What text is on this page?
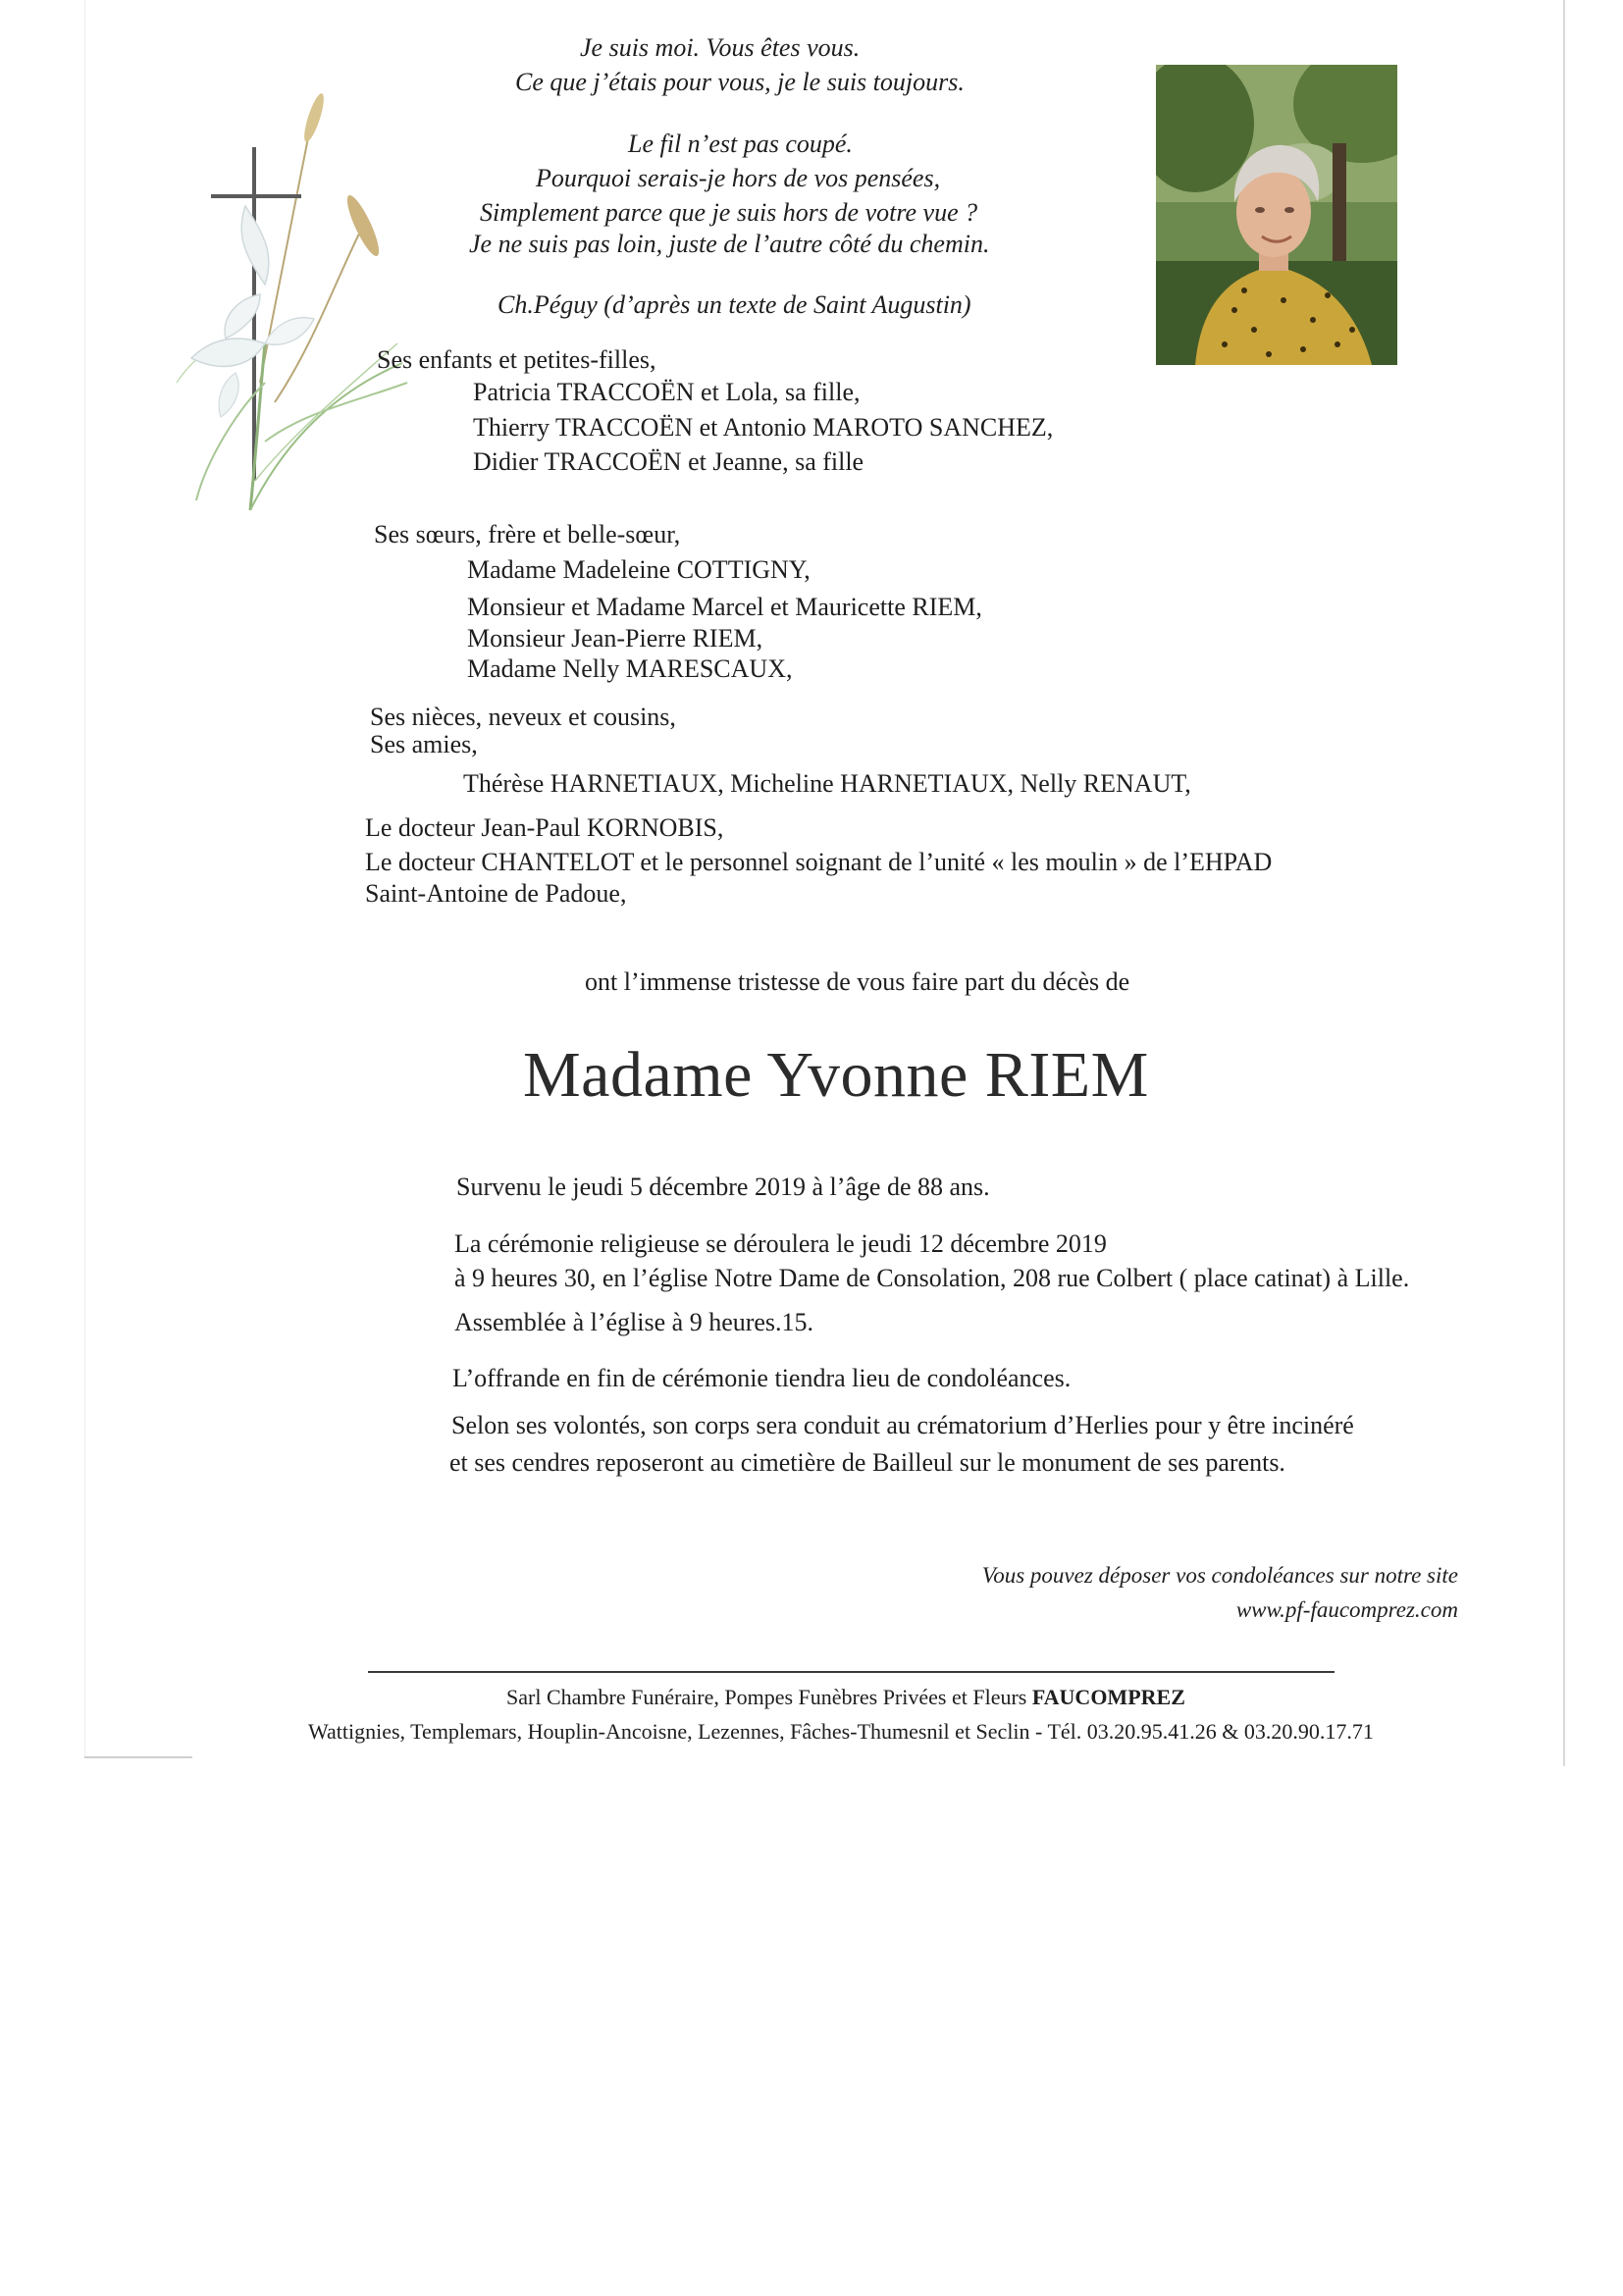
Je suis moi. Vous êtes vous.
Ce que j’étais pour vous, je le suis toujours.
Le fil n’est pas coupé.
Pourquoi serais-je hors de vos pensées,
Simplement parce que je suis hors de votre vue ?
Je ne suis pas loin, juste de l’autre côté du chemin.
Ch.Péguy (d’après un texte de Saint Augustin)
Ses enfants et petites-filles,
Patricia TRACCOËN et Lola, sa fille,
Thierry TRACCOËN et Antonio MAROTO SANCHEZ,
Didier TRACCOËN et Jeanne, sa fille
Ses sœurs, frère et belle-sœur,
Madame Madeleine COTTIGNY,
Monsieur et Madame Marcel et Mauricette RIEM,
Monsieur Jean-Pierre RIEM,
Madame Nelly MARESCAUX,
Ses nièces, neveux et cousins,
Ses amies,
Thérèse HARNETIAUX, Micheline HARNETIAUX, Nelly RENAUT,
Le docteur Jean-Paul KORNOBIS,
Le docteur CHANTELOT et le personnel soignant de l’unité « les moulin » de l’EHPAD
Saint-Antoine de Padoue,
ont l’immense tristesse de vous faire part du décès de
Madame Yvonne RIEM
Survenu le jeudi 5 décembre 2019 à l’âge de 88 ans.
La cérémonie religieuse se déroulera le jeudi 12 décembre 2019
à 9 heures 30, en l’église Notre Dame de Consolation, 208 rue Colbert ( place catinat) à Lille.
Assemblée à l’église à 9 heures.15.
L’offrande en fin de cérémonie tiendra lieu de condoléances.
Selon ses volontés, son corps sera conduit au crématorium d’Herlies pour y être incinéré
et ses cendres reposeront au cimetière de Bailleul sur le monument de ses parents.
Vous pouvez déposer vos condoléances sur notre site
www.pf-faucomprez.com
Sarl Chambre Funéraire, Pompes Funèbres Privées et Fleurs FAUCOMPREZ
Wattignies, Templemars, Houplin-Ancoisne, Lezennes, Fâches-Thumesnil et Seclin - Tél. 03.20.95.41.26 & 03.20.90.17.71
